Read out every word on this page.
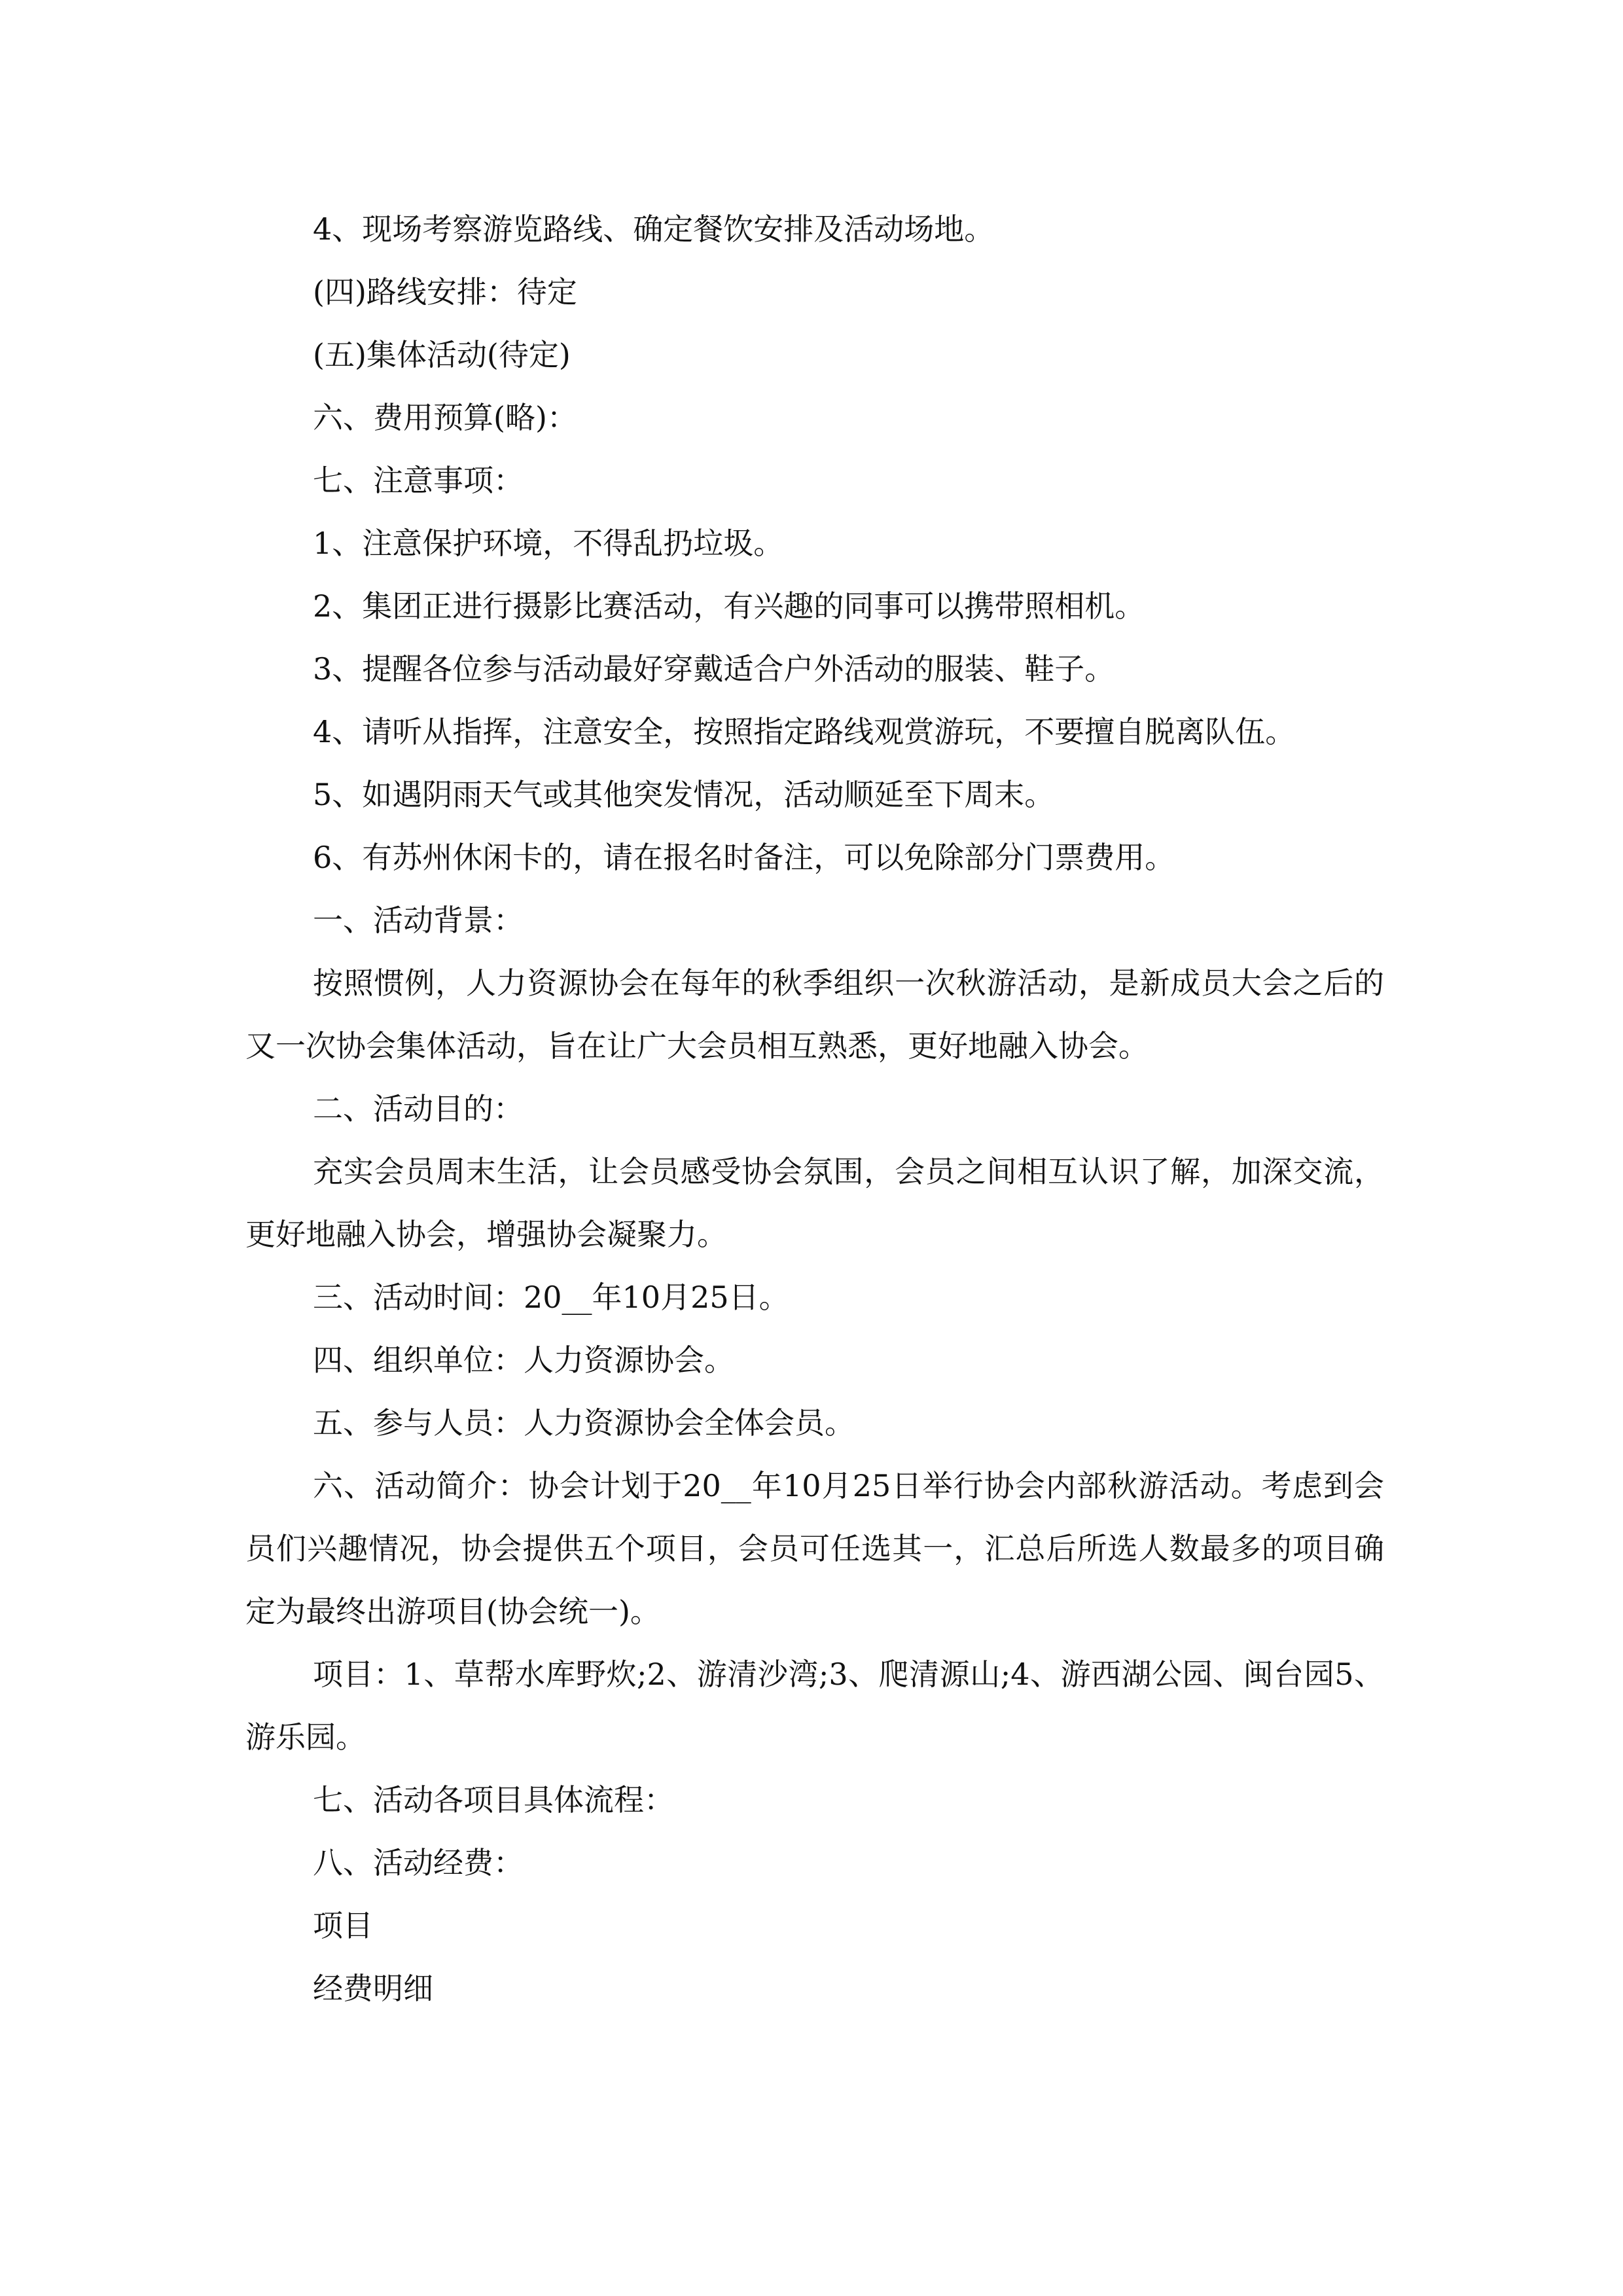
4、现场考察游览路线、确定餐饮安排及活动场地。

(四)路线安排：待定

(五)集体活动(待定)

六、费用预算(略)：

七、注意事项：

1、注意保护环境，不得乱扔垃圾。

2、集团正进行摄影比赛活动，有兴趣的同事可以携带照相机。

3、提醒各位参与活动最好穿戴适合户外活动的服装、鞋子。

4、请听从指挥，注意安全，按照指定路线观赏游玩，不要擅自脱离队伍。

5、如遇阴雨天气或其他突发情况，活动顺延至下周末。

6、有苏州休闲卡的，请在报名时备注，可以免除部分门票费用。

一、活动背景：

按照惯例，人力资源协会在每年的秋季组织一次秋游活动，是新成员大会之后的又一次协会集体活动，旨在让广大会员相互熟悉，更好地融入协会。

二、活动目的：

充实会员周末生活，让会员感受协会氛围，会员之间相互认识了解，加深交流，更好地融入协会，增强协会凝聚力。

三、活动时间：20__年10月25日。

四、组织单位：人力资源协会。

五、参与人员：人力资源协会全体会员。

六、活动简介：协会计划于20__年10月25日举行协会内部秋游活动。考虑到会员们兴趣情况，协会提供五个项目，会员可任选其一，汇总后所选人数最多的项目确定为最终出游项目(协会统一)。

项目：1、草帮水库野炊;2、游清沙湾;3、爬清源山;4、游西湖公园、闽台园5、游乐园。

七、活动各项目具体流程：

八、活动经费：

项目

经费明细
